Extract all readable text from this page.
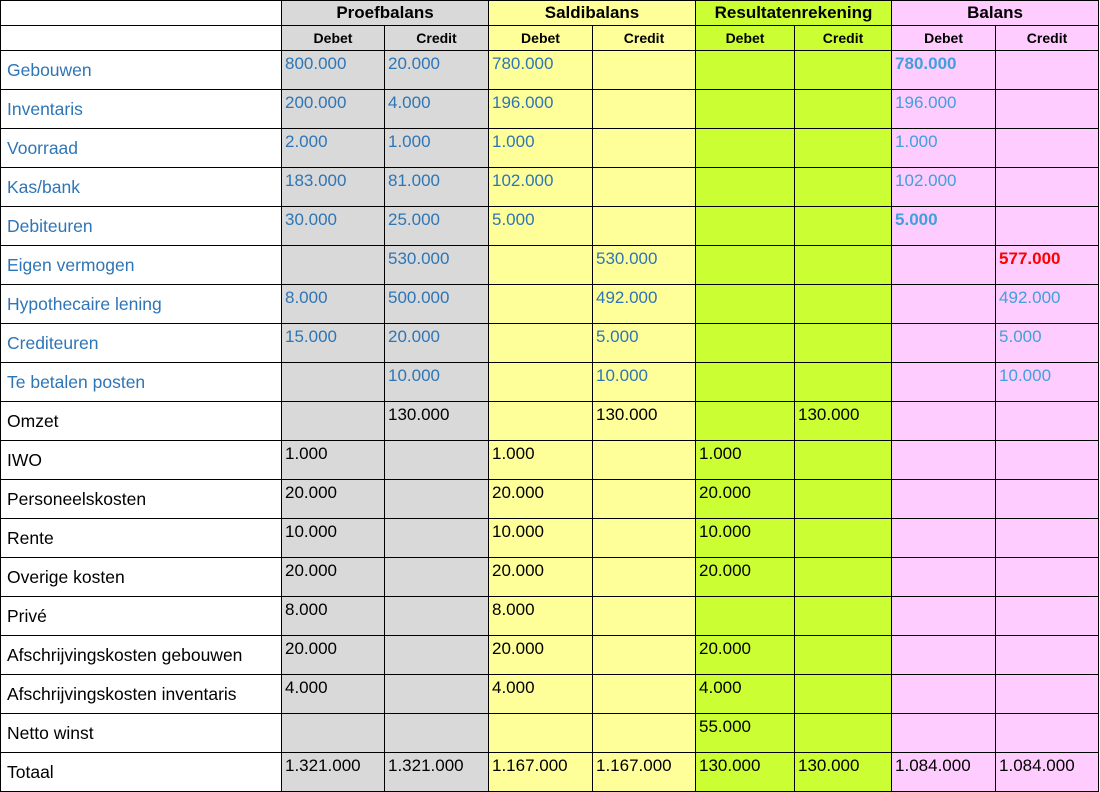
	Proefbalans		Saldibalans		Resultatenrekening		Balans	
	Debet	Credit	Debet	Credit	Debet	Credit	Debet	Credit
Gebouwen	800.000	20.000	780.000				780.000	
Inventaris	200.000	4.000	196.000				196.000	
Voorraad	2.000	1.000	1.000				1.000	
Kas/bank	183.000	81.000	102.000				102.000	
Debiteuren	30.000	25.000	5.000				5.000	
Eigen vermogen		530.000		530.000				577.000
Hypothecaire lening	8.000	500.000		492.000				492.000
Crediteuren	15.000	20.000		5.000				5.000
Te betalen posten		10.000		10.000				10.000
Omzet		130.000		130.000		130.000		
IWO	1.000		1.000		1.000			
Personeelskosten	20.000		20.000		20.000			
Rente	10.000		10.000		10.000			
Overige kosten	20.000		20.000		20.000			
Privé	8.000		8.000					
Afschrijvingskosten gebouwen	20.000		20.000		20.000			
Afschrijvingskosten inventaris	4.000		4.000		4.000			
Netto winst					55.000			
Totaal	1.321.000	1.321.000	1.167.000	1.167.000	130.000	130.000	1.084.000	1.084.000
